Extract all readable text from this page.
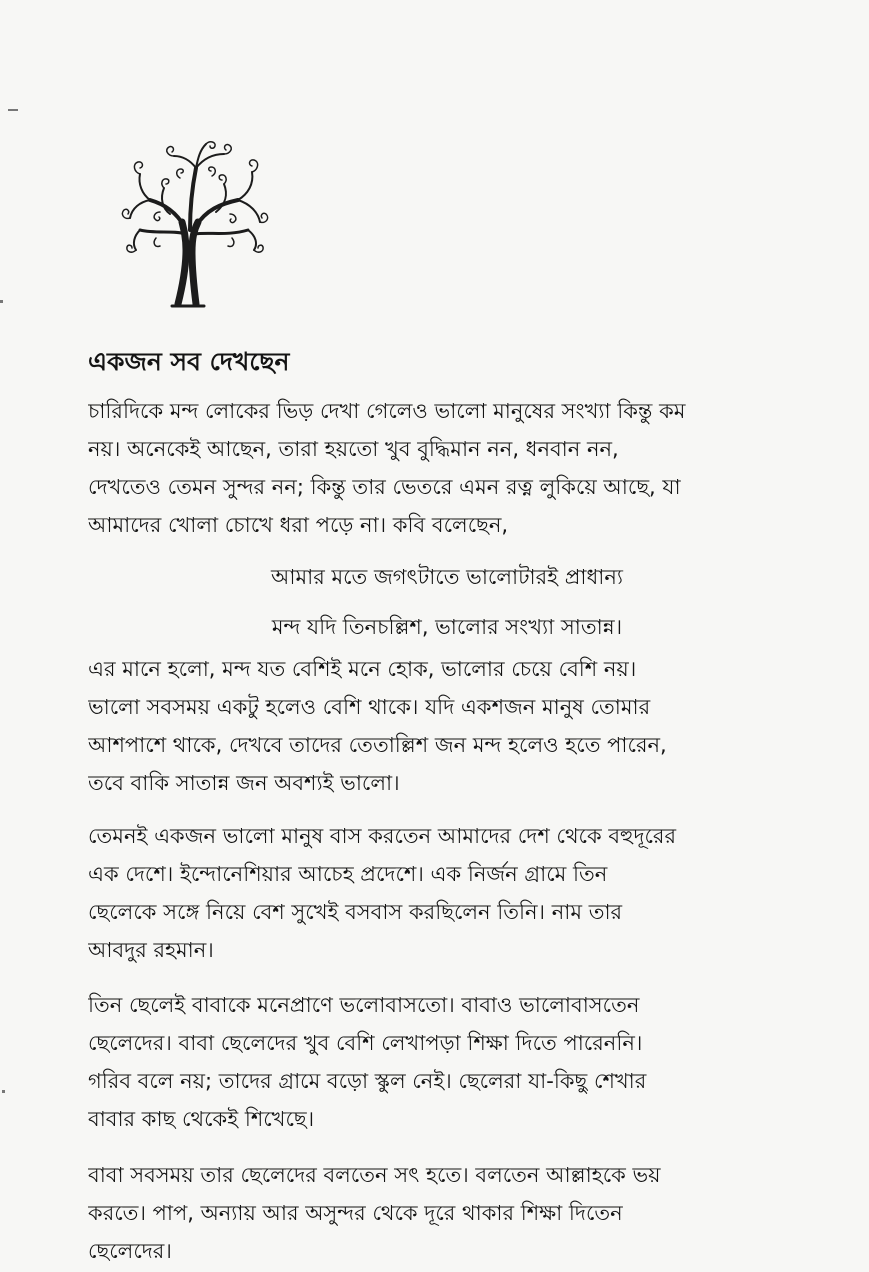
একজন সব দেখছেন

চারিদিকে মন্দ লোকের ভিড় দেখা গেলেও ভালো মানুষের সংখ্যা কিন্তু কম
নয়। অনেকেই আছেন, তারা হয়তো খুব বুদ্ধিমান নন, ধনবান নন,
দেখতেও তেমন সুন্দর নন; কিন্তু তার ভেতরে এমন রত্ন লুকিয়ে আছে, যা
আমাদের খোলা চোখে ধরা পড়ে না। কবি বলেছেন,

আমার মতে জগৎটাতে ভালোটারই প্রাধান্য
মন্দ যদি তিনচল্লিশ, ভালোর সংখ্যা সাতান্ন।

এর মানে হলো, মন্দ যত বেশিই মনে হোক, ভালোর চেয়ে বেশি নয়।
ভালো সবসময় একটু হলেও বেশি থাকে। যদি একশজন মানুষ তোমার
আশপাশে থাকে, দেখবে তাদের তেতাল্লিশ জন মন্দ হলেও হতে পারেন,
তবে বাকি সাতান্ন জন অবশ্যই ভালো।

তেমনই একজন ভালো মানুষ বাস করতেন আমাদের দেশ থেকে বহুদূরের
এক দেশে। ইন্দোনেশিয়ার আচেহ প্রদেশে। এক নির্জন গ্রামে তিন
ছেলেকে সঙ্গে নিয়ে বেশ সুখেই বসবাস করছিলেন তিনি। নাম তার
আবদুর রহমান।

তিন ছেলেই বাবাকে মনেপ্রাণে ভলোবাসতো। বাবাও ভালোবাসতেন
ছেলেদের। বাবা ছেলেদের খুব বেশি লেখাপড়া শিক্ষা দিতে পারেননি।
গরিব বলে নয়; তাদের গ্রামে বড়ো স্কুল নেই। ছেলেরা যা-কিছু শেখার
বাবার কাছ থেকেই শিখেছে।

বাবা সবসময় তার ছেলেদের বলতেন সৎ হতে। বলতেন আল্লাহকে ভয়
করতে। পাপ, অন্যায় আর অসুন্দর থেকে দূরে থাকার শিক্ষা দিতেন
ছেলেদের।
